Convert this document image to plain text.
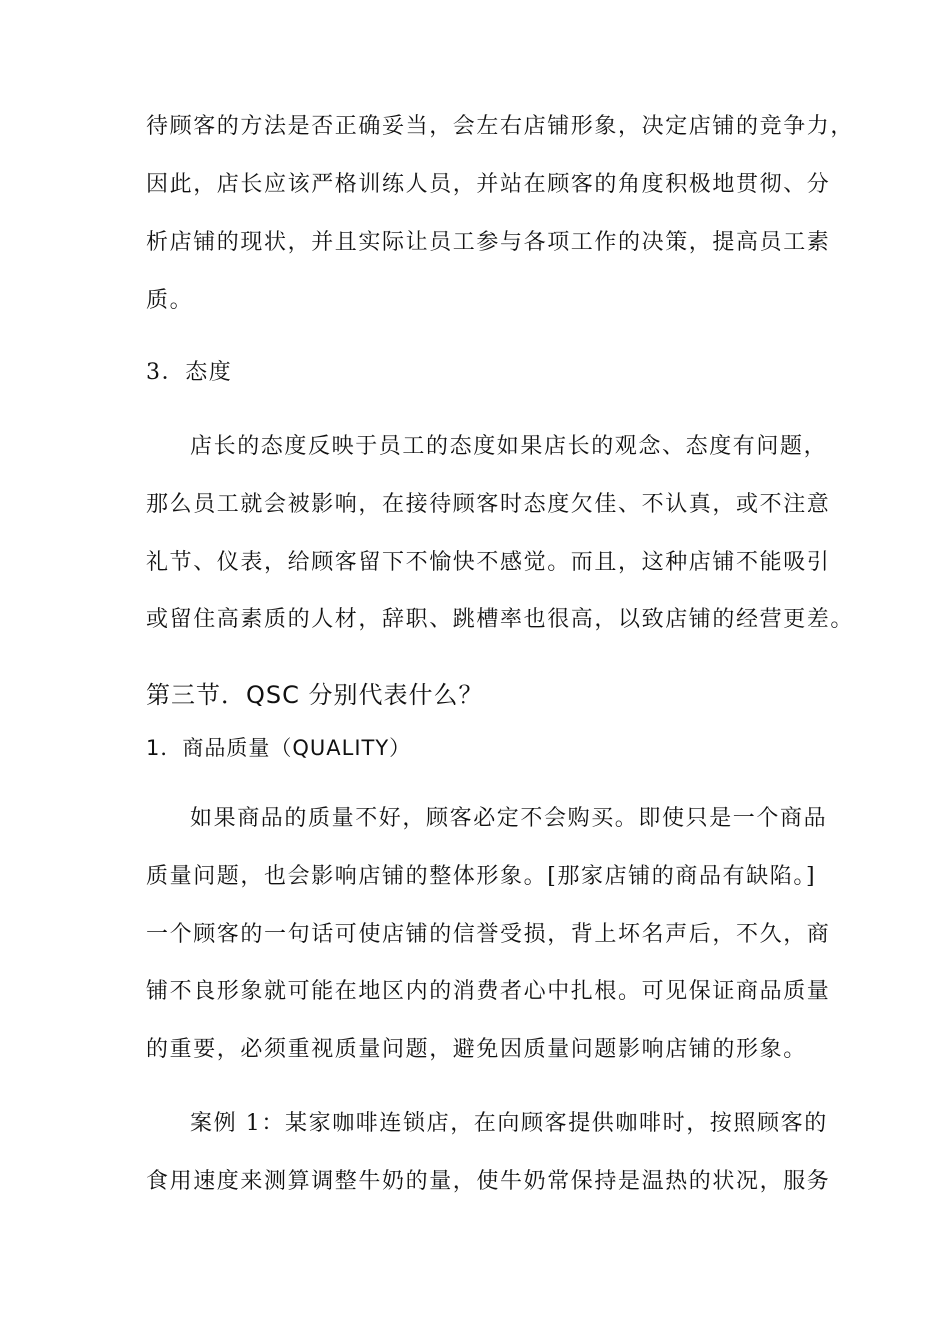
待顾客的方法是否正确妥当，会左右店铺形象，决定店铺的竞争力，
因此，店长应该严格训练人员，并站在顾客的角度积极地贯彻、分
析店铺的现状，并且实际让员工参与各项工作的决策，提高员工素
质。
3．态度
店长的态度反映于员工的态度如果店长的观念、态度有问题，
那么员工就会被影响，在接待顾客时态度欠佳、不认真，或不注意
礼节、仪表，给顾客留下不愉快不感觉。而且，这种店铺不能吸引
或留住高素质的人材，辞职、跳槽率也很高，以致店铺的经营更差。
第三节．QSC 分别代表什么？
1．商品质量（QUALITY）
如果商品的质量不好，顾客必定不会购买。即使只是一个商品
质量问题，也会影响店铺的整体形象。[那家店铺的商品有缺陷。]
一个顾客的一句话可使店铺的信誉受损，背上坏名声后，不久，商
铺不良形象就可能在地区内的消费者心中扎根。可见保证商品质量
的重要，必须重视质量问题，避免因质量问题影响店铺的形象。
案例 1：某家咖啡连锁店，在向顾客提供咖啡时，按照顾客的
食用速度来测算调整牛奶的量，使牛奶常保持是温热的状况，服务
